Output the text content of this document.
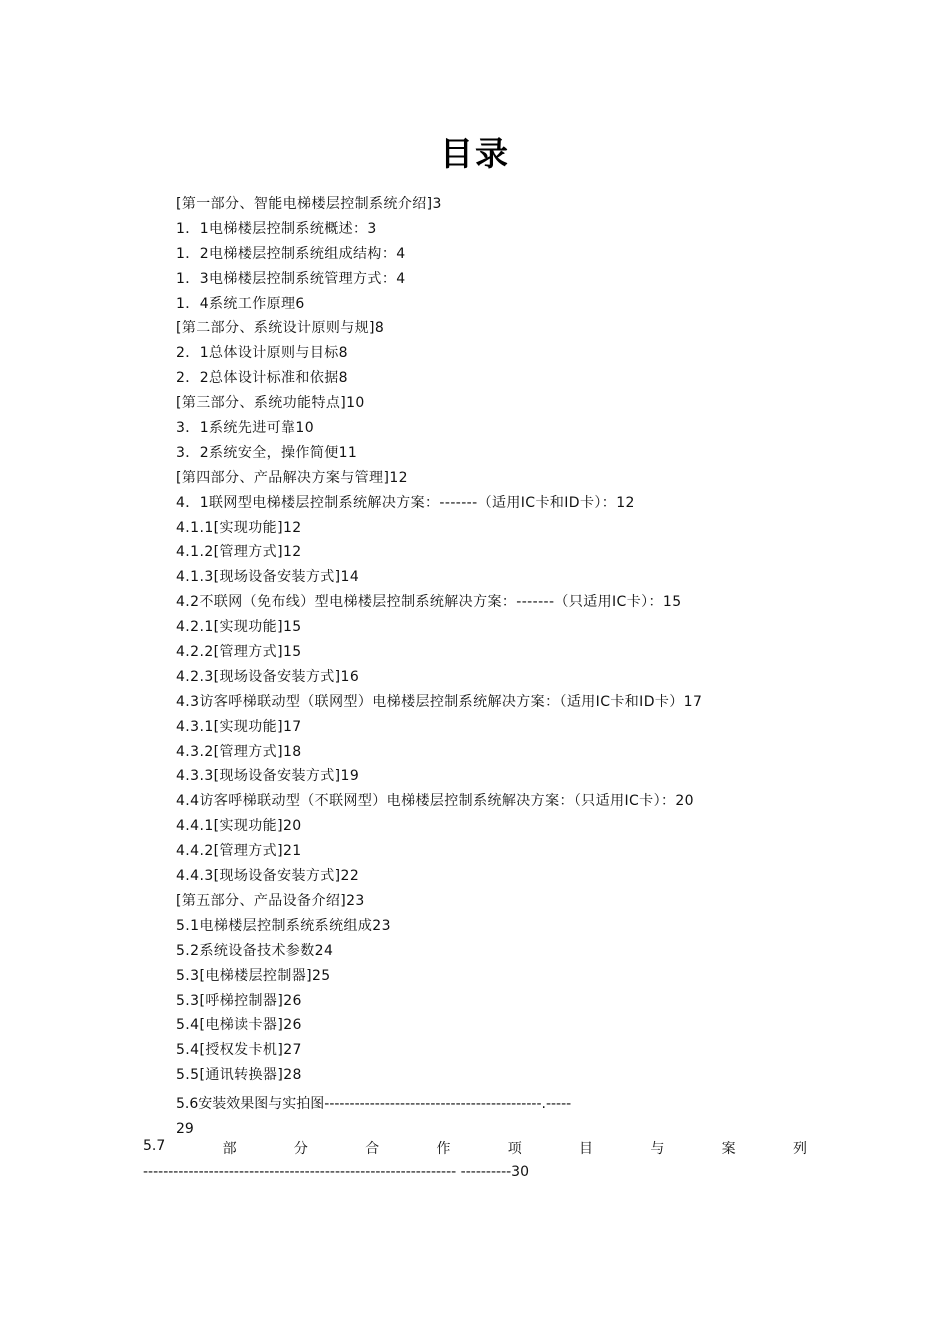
目录
[第一部分、智能电梯楼层控制系统介绍]3
1．1电梯楼层控制系统概述：3
1．2电梯楼层控制系统组成结构：4
1．3电梯楼层控制系统管理方式：4
1．4系统工作原理6
[第二部分、系统设计原则与规]8
2．1总体设计原则与目标8
2．2总体设计标准和依据8
[第三部分、系统功能特点]10
3．1系统先进可靠10
3．2系统安全，操作简便11
[第四部分、产品解决方案与管理]12
4．1联网型电梯楼层控制系统解决方案：-------（适用IC卡和ID卡）：12
4.1.1[实现功能]12
4.1.2[管理方式]12
4.1.3[现场设备安装方式]14
4.2不联网（免布线）型电梯楼层控制系统解决方案：-------（只适用IC卡）：15
4.2.1[实现功能]15
4.2.2[管理方式]15
4.2.3[现场设备安装方式]16
4.3访客呼梯联动型（联网型）电梯楼层控制系统解决方案：（适用IC卡和ID卡）17
4.3.1[实现功能]17
4.3.2[管理方式]18
4.3.3[现场设备安装方式]19
4.4访客呼梯联动型（不联网型）电梯楼层控制系统解决方案：（只适用IC卡）：20
4.4.1[实现功能]20
4.4.2[管理方式]21
4.4.3[现场设备安装方式]22
[第五部分、产品设备介绍]23
5.1电梯楼层控制系统系统组成23
5.2系统设备技术参数24
5.3[电梯楼层控制器]25
5.3[呼梯控制器]26
5.4[电梯读卡器]26
5.4[授权发卡机]27
5.5[通讯转换器]28
5.6安装效果图与实拍图-------------------------------------------.-----
29
5.7	部	分	合	作	项	目	与	案	列
-------------------------------------------------------------- ----------30
